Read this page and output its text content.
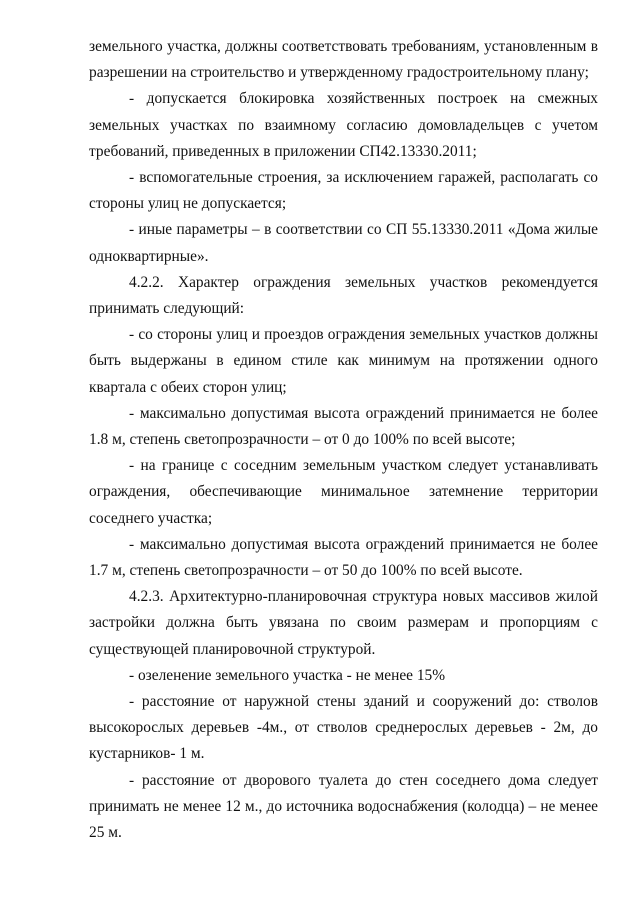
земельного участка, должны соответствовать требованиям, установленным в разрешении на строительство и утвержденному градостроительному плану;

- допускается блокировка хозяйственных построек на смежных земельных участках по взаимному согласию домовладельцев с учетом требований, приведенных в приложении СП42.13330.2011;

- вспомогательные строения, за исключением гаражей, располагать со стороны улиц не допускается;

- иные параметры – в соответствии со СП 55.13330.2011 «Дома жилые одноквартирные».

4.2.2. Характер ограждения земельных участков рекомендуется принимать следующий:

- со стороны улиц и проездов ограждения земельных участков должны быть выдержаны в едином стиле как минимум на протяжении одного квартала с обеих сторон улиц;

- максимально допустимая высота ограждений принимается не более 1.8 м, степень светопрозрачности – от 0 до 100% по всей высоте;

- на границе с соседним земельным участком следует устанавливать ограждения, обеспечивающие минимальное затемнение территории соседнего участка;

- максимально допустимая высота ограждений принимается не более 1.7 м, степень светопрозрачности – от 50 до 100% по всей высоте.

4.2.3. Архитектурно-планировочная структура новых массивов жилой застройки должна быть увязана по своим размерам и пропорциям с существующей планировочной структурой.

- озеленение земельного участка - не менее 15%

- расстояние от наружной стены зданий и сооружений до: стволов высокорослых деревьев -4м., от стволов среднерослых деревьев - 2м, до кустарников- 1 м.

- расстояние от дворового туалета до стен соседнего дома следует принимать не менее 12 м., до источника водоснабжения (колодца) – не менее 25 м.
